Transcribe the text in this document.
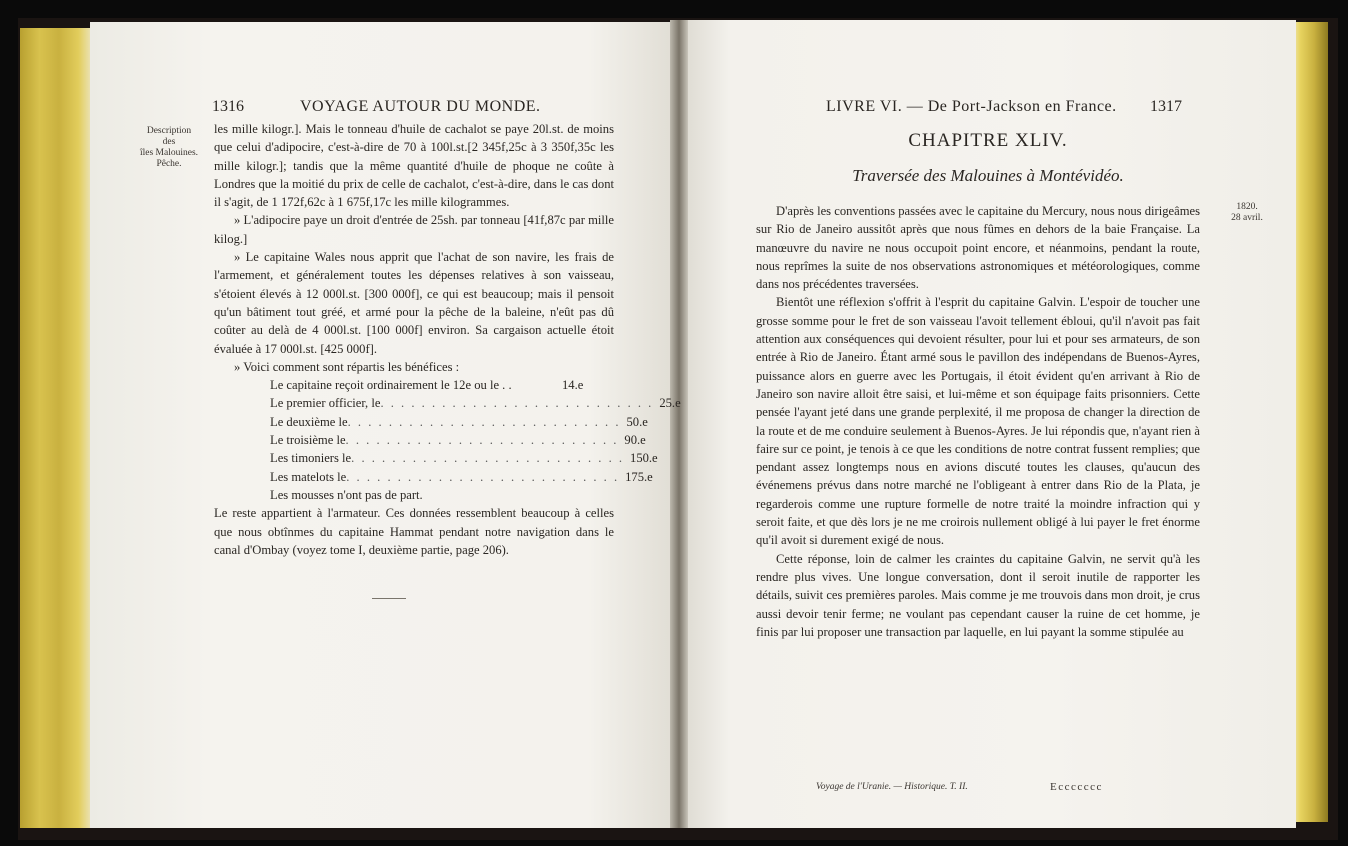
1316	VOYAGE AUTOUR DU MONDE.
Description
des
îles Malouines.
Pêche.

les mille kilogr.]. Mais le tonneau d'huile de cachalot se paye 20l.st. de moins que celui d'adipocire, c'est-à-dire de 70 à 100l.st.[2 345f,25c à 3 350f,35c les mille kilogr.]; tandis que la même quantité d'huile de phoque ne coûte à Londres que la moitié du prix de celle de cachalot, c'est-à-dire, dans le cas dont il s'agit, de 1 172f,62c à 1 675f,17c les mille kilogrammes.

» L'adipocire paye un droit d'entrée de 25sh. par tonneau [41f,87c par mille kilog.]

» Le capitaine Wales nous apprit que l'achat de son navire, les frais de l'armement, et généralement toutes les dépenses relatives à son vaisseau, s'étoient élevés à 12 000l.st. [300 000f], ce qui est beaucoup; mais il pensoit qu'un bâtiment tout gréé, et armé pour la pêche de la baleine, n'eût pas dû coûter au delà de 4 000l.st. [100 000f] environ. Sa cargaison actuelle étoit évaluée à 17 000l.st. [425 000f].

» Voici comment sont répartis les bénéfices :

Le capitaine reçoit ordinairement le 12e ou le . .	14.e
Le premier officier, le . . . . . . . . . . . . . . . . . . . . . . . . . . . 25.e
Le deuxième le . . . . . . . . . . . . . . . . . . . . . . . . . . . 50.e
Le troisième le . . . . . . . . . . . . . . . . . . . . . . . . . . . 90.e
Les timoniers le . . . . . . . . . . . . . . . . . . . . . . . . . . . 150.e
Les matelots le . . . . . . . . . . . . . . . . . . . . . . . . . . . 175.e
Les mousses n'ont pas de part.

Le reste appartient à l'armateur. Ces données ressemblent beaucoup à celles que nous obtînmes du capitaine Hammat pendant notre navigation dans le canal d'Ombay (voyez tome I, deuxième partie, page 206).

LIVRE VI. — De Port-Jackson en France. 1317
CHAPITRE XLIV.
Traversée des Malouines à Montévidéo.
1820.
28 avril.

D'après les conventions passées avec le capitaine du Mercury, nous nous dirigeâmes sur Rio de Janeiro aussitôt après que nous fûmes en dehors de la baie Française. La manœuvre du navire ne nous occupoit point encore, et néanmoins, pendant la route, nous reprîmes la suite de nos observations astronomiques et météorologiques, comme dans nos précédentes traversées.

Bientôt une réflexion s'offrit à l'esprit du capitaine Galvin. L'espoir de toucher une grosse somme pour le fret de son vaisseau l'avoit tellement ébloui, qu'il n'avoit pas fait attention aux conséquences qui devoient résulter, pour lui et pour ses armateurs, de son entrée à Rio de Janeiro. Étant armé sous le pavillon des indépendans de Buenos-Ayres, puissance alors en guerre avec les Portugais, il étoit évident qu'en arrivant à Rio de Janeiro son navire alloit être saisi, et lui-même et son équipage faits prisonniers. Cette pensée l'ayant jeté dans une grande perplexité, il me proposa de changer la direction de la route et de me conduire seulement à Buenos-Ayres. Je lui répondis que, n'ayant rien à faire sur ce point, je tenois à ce que les conditions de notre contrat fussent remplies; que pendant assez longtemps nous en avions discuté toutes les clauses, qu'aucun des événemens prévus dans notre marché ne l'obligeant à entrer dans Rio de la Plata, je regarderois comme une rupture formelle de notre traité la moindre infraction qui y seroit faite, et que dès lors je ne me croirois nullement obligé à lui payer le fret énorme qu'il avoit si durement exigé de nous.

Cette réponse, loin de calmer les craintes du capitaine Galvin, ne servit qu'à les rendre plus vives. Une longue conversation, dont il seroit inutile de rapporter les détails, suivit ces premières paroles. Mais comme je me trouvois dans mon droit, je crus aussi devoir tenir ferme; ne voulant pas cependant causer la ruine de cet homme, je finis par lui proposer une transaction par laquelle, en lui payant la somme stipulée au

Voyage de l'Uranie. — Historique. T. II.	Eccccccc
